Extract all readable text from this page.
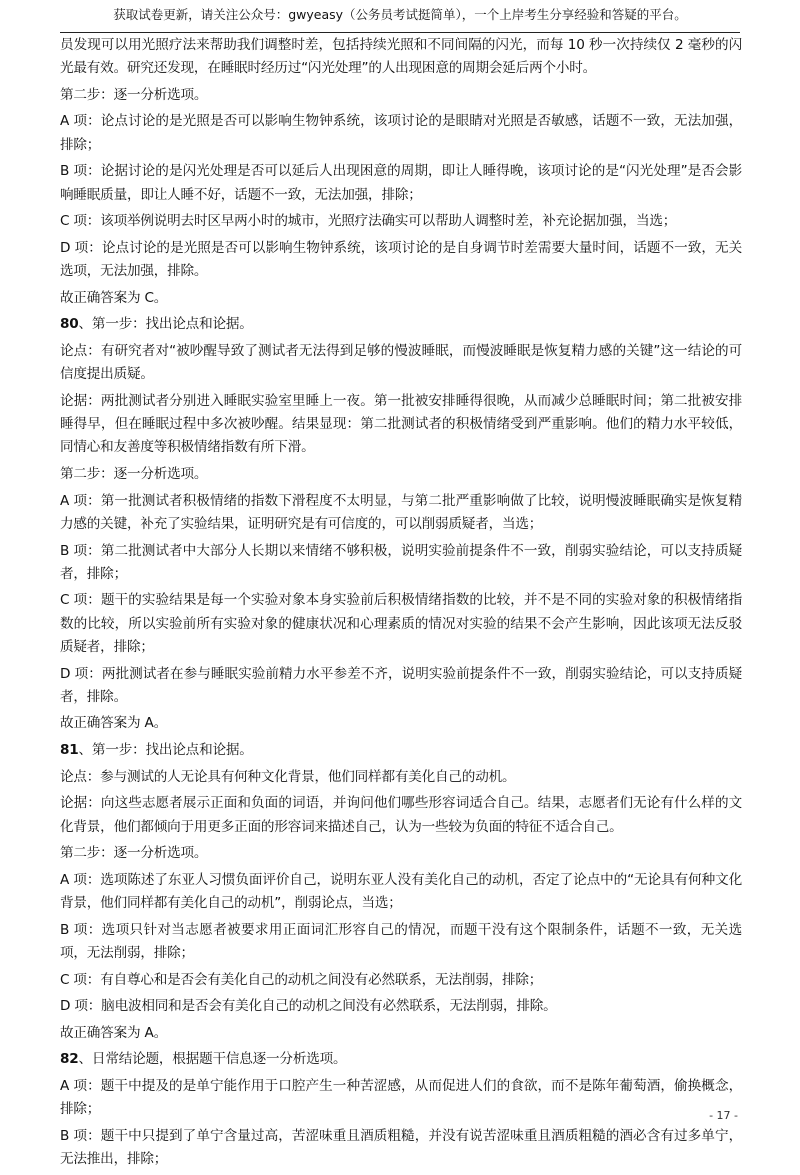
获取试卷更新，请关注公众号：gwyeasy（公务员考试挺简单），一个上岸考生分享经验和答疑的平台。

员发现可以用光照疗法来帮助我们调整时差，包括持续光照和不同间隔的闪光，而每 10 秒一次持续仅 2 毫秒的闪光最有效。研究还发现，在睡眠时经历过“闪光处理”的人出现困意的周期会延后两个小时。

第二步：逐一分析选项。

A 项：论点讨论的是光照是否可以影响生物钟系统，该项讨论的是眼睛对光照是否敏感，话题不一致，无法加强，排除；

B 项：论据讨论的是闪光处理是否可以延后人出现困意的周期，即让人睡得晚，该项讨论的是“闪光处理”是否会影响睡眠质量，即让人睡不好，话题不一致，无法加强，排除；

C 项：该项举例说明去时区早两小时的城市，光照疗法确实可以帮助人调整时差，补充论据加强，当选；

D 项：论点讨论的是光照是否可以影响生物钟系统，该项讨论的是自身调节时差需要大量时间，话题不一致，无关选项，无法加强，排除。

故正确答案为 C。

80、第一步：找出论点和论据。

论点：有研究者对“被吵醒导致了测试者无法得到足够的慢波睡眠，而慢波睡眠是恢复精力感的关键”这一结论的可信度提出质疑。

论据：两批测试者分别进入睡眠实验室里睡上一夜。第一批被安排睡得很晚，从而减少总睡眠时间；第二批被安排睡得早，但在睡眠过程中多次被吵醒。结果显现：第二批测试者的积极情绪受到严重影响。他们的精力水平较低，同情心和友善度等积极情绪指数有所下滑。

第二步：逐一分析选项。

A 项：第一批测试者积极情绪的指数下滑程度不太明显，与第二批严重影响做了比较，说明慢波睡眠确实是恢复精力感的关键，补充了实验结果，证明研究是有可信度的，可以削弱质疑者，当选；

B 项：第二批测试者中大部分人长期以来情绪不够积极，说明实验前提条件不一致，削弱实验结论，可以支持质疑者，排除；

C 项：题干的实验结果是每一个实验对象本身实验前后积极情绪指数的比较，并不是不同的实验对象的积极情绪指数的比较，所以实验前所有实验对象的健康状况和心理素质的情况对实验的结果不会产生影响，因此该项无法反驳质疑者，排除；

D 项：两批测试者在参与睡眠实验前精力水平参差不齐，说明实验前提条件不一致，削弱实验结论，可以支持质疑者，排除。

故正确答案为 A。

81、第一步：找出论点和论据。

论点：参与测试的人无论具有何种文化背景，他们同样都有美化自己的动机。

论据：向这些志愿者展示正面和负面的词语，并询问他们哪些形容词适合自己。结果，志愿者们无论有什么样的文化背景，他们都倾向于用更多正面的形容词来描述自己，认为一些较为负面的特征不适合自己。

第二步：逐一分析选项。

A 项：选项陈述了东亚人习惯负面评价自己，说明东亚人没有美化自己的动机，否定了论点中的“无论具有何种文化背景，他们同样都有美化自己的动机”，削弱论点，当选；

B 项：选项只针对当志愿者被要求用正面词汇形容自己的情况，而题干没有这个限制条件，话题不一致，无关选项，无法削弱，排除；

C 项：有自尊心和是否会有美化自己的动机之间没有必然联系，无法削弱，排除；

D 项：脑电波相同和是否会有美化自己的动机之间没有必然联系，无法削弱，排除。

故正确答案为 A。

82、日常结论题，根据题干信息逐一分析选项。

A 项：题干中提及的是单宁能作用于口腔产生一种苦涩感，从而促进人们的食欲，而不是陈年葡萄酒，偷换概念，排除；

B 项：题干中只提到了单宁含量过高，苦涩味重且酒质粗糙，并没有说苦涩味重且酒质粗糙的酒必含有过多单宁，无法推出，排除；

- 17 -
